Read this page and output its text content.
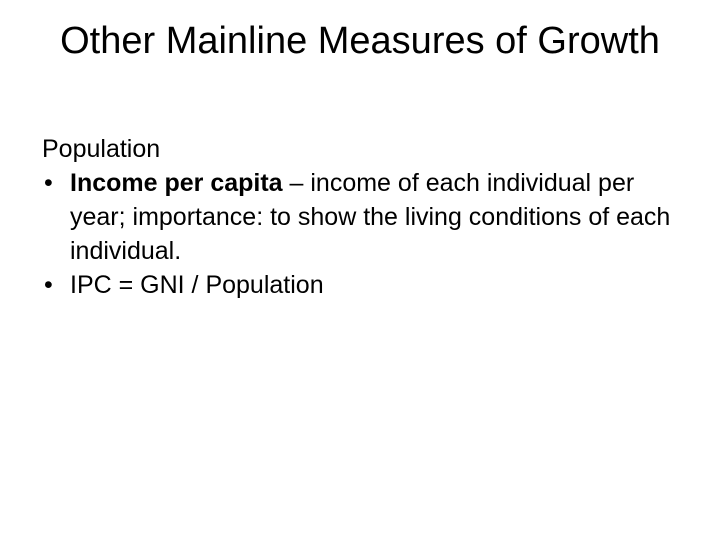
Other Mainline Measures of Growth

Population

• Income per capita – income of each individual per year; importance: to show the living conditions of each individual.
• IPC = GNI / Population
